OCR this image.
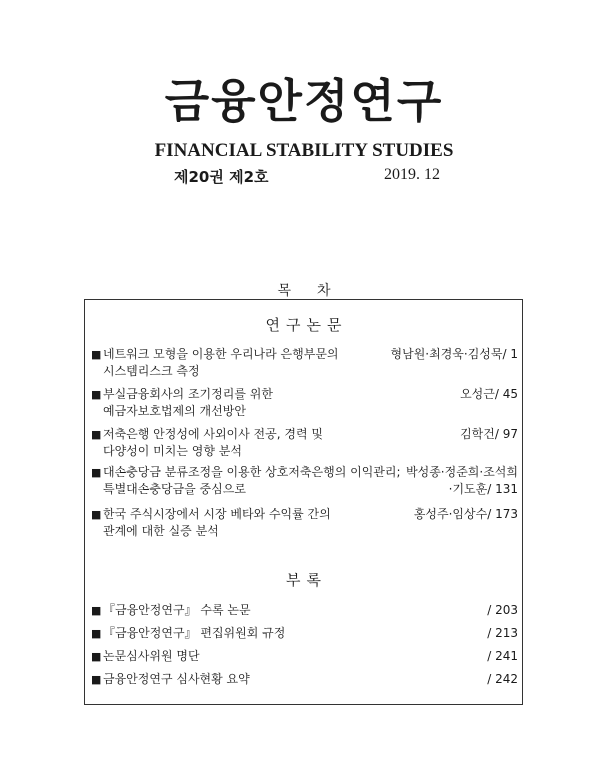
금융안정연구
FINANCIAL STABILITY STUDIES
제20권 제2호	2019. 12
목차
연구논문
■ 네트워크 모형을 이용한 우리나라 은행부문의
시스템리스크 측정
형남원·최경욱·김성묵/ 1
■ 부실금융회사의 조기정리를 위한
예금자보호법제의 개선방안
오성근/ 45
■ 저축은행 안정성에 사외이사 전공, 경력 및
다양성이 미치는 영향 분석
김학건/ 97
■ 대손충당금 분류조정을 이용한 상호저축은행의 이익관리;
특별대손충당금을 중심으로
박성종·정준희·조석희
·기도훈/ 131
■ 한국 주식시장에서 시장 베타와 수익률 간의
관계에 대한 실증 분석
홍성주·임상수/ 173
부록
■ 『금융안정연구』 수록 논문	/ 203
■ 『금융안정연구』 편집위원회 규정	/ 213
■ 논문심사위원 명단	/ 241
■ 금융안정연구 심사현황 요약	/ 242
